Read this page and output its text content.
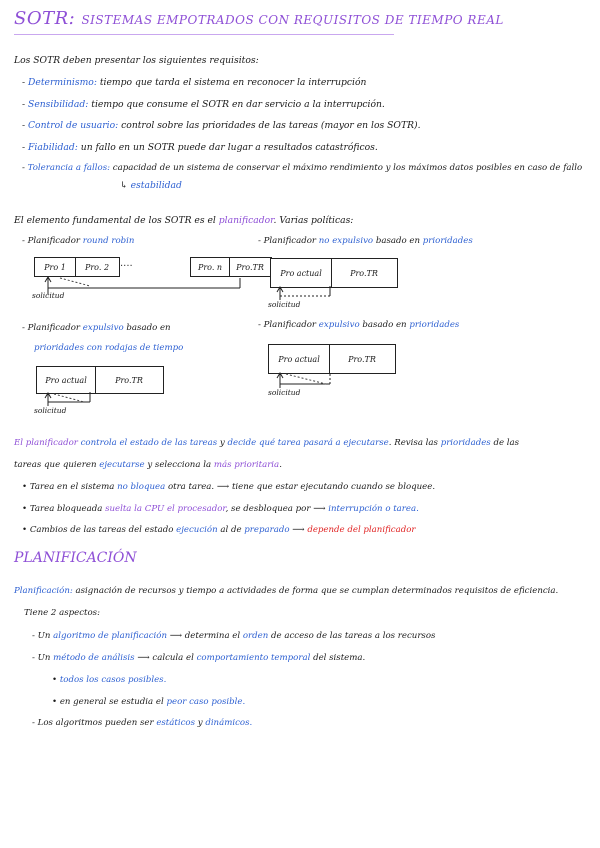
SOTR: SISTEMAS EMPOTRADOS CON REQUISITOS DE TIEMPO REAL
Los SOTR deben presentar los siguientes requisitos:
- Determinismo: tiempo que tarda el sistema en reconocer la interrupción
- Sensibilidad: tiempo que consume el SOTR en dar servicio a la interrupción.
- Control de usuario: control sobre las prioridades de las tareas (mayor en los SOTR).
- Fiabilidad: un fallo en un SOTR puede dar lugar a resultados catastróficos.
- Tolerancia a fallos: capacidad de un sistema de conservar el máximo rendimiento y los máximos datos posibles en caso de fallo
↳ estabilidad
El elemento fundamental de los SOTR es el planificador. Varias políticas:
- Planificador round robin
Pro 1	Pro. 2	....	Pro. n	Pro.TR
solicitud
- Planificador no expulsivo basado en prioridades
Pro actual	Pro.TR
solicitud
- Planificador expulsivo basado en
prioridades con rodajas de tiempo
Pro actual	Pro.TR
solicitud
- Planificador expulsivo basado en prioridades
Pro actual	Pro.TR
solicitud
El planificador controla el estado de las tareas y decide qué tarea pasará a ejecutarse. Revisa las prioridades de las
tareas que quieren ejecutarse y selecciona la más prioritaria.
• Tarea en el sistema no bloquea otra tarea. ⟶ tiene que estar ejecutando cuando se bloquee.
• Tarea bloqueada suelta la CPU el procesador, se desbloquea por ⟶ interrupción o tarea.
• Cambios de las tareas del estado ejecución al de preparado ⟶ depende del planificador
PLANIFICACIÓN
Planificación: asignación de recursos y tiempo a actividades de forma que se cumplan determinados requisitos de eficiencia.
Tiene 2 aspectos:
- Un algoritmo de planificación ⟶ determina el orden de acceso de las tareas a los recursos
- Un método de análisis ⟶ calcula el comportamiento temporal del sistema.
• todos los casos posibles.
• en general se estudia el peor caso posible.
- Los algoritmos pueden ser estáticos y dinámicos.
